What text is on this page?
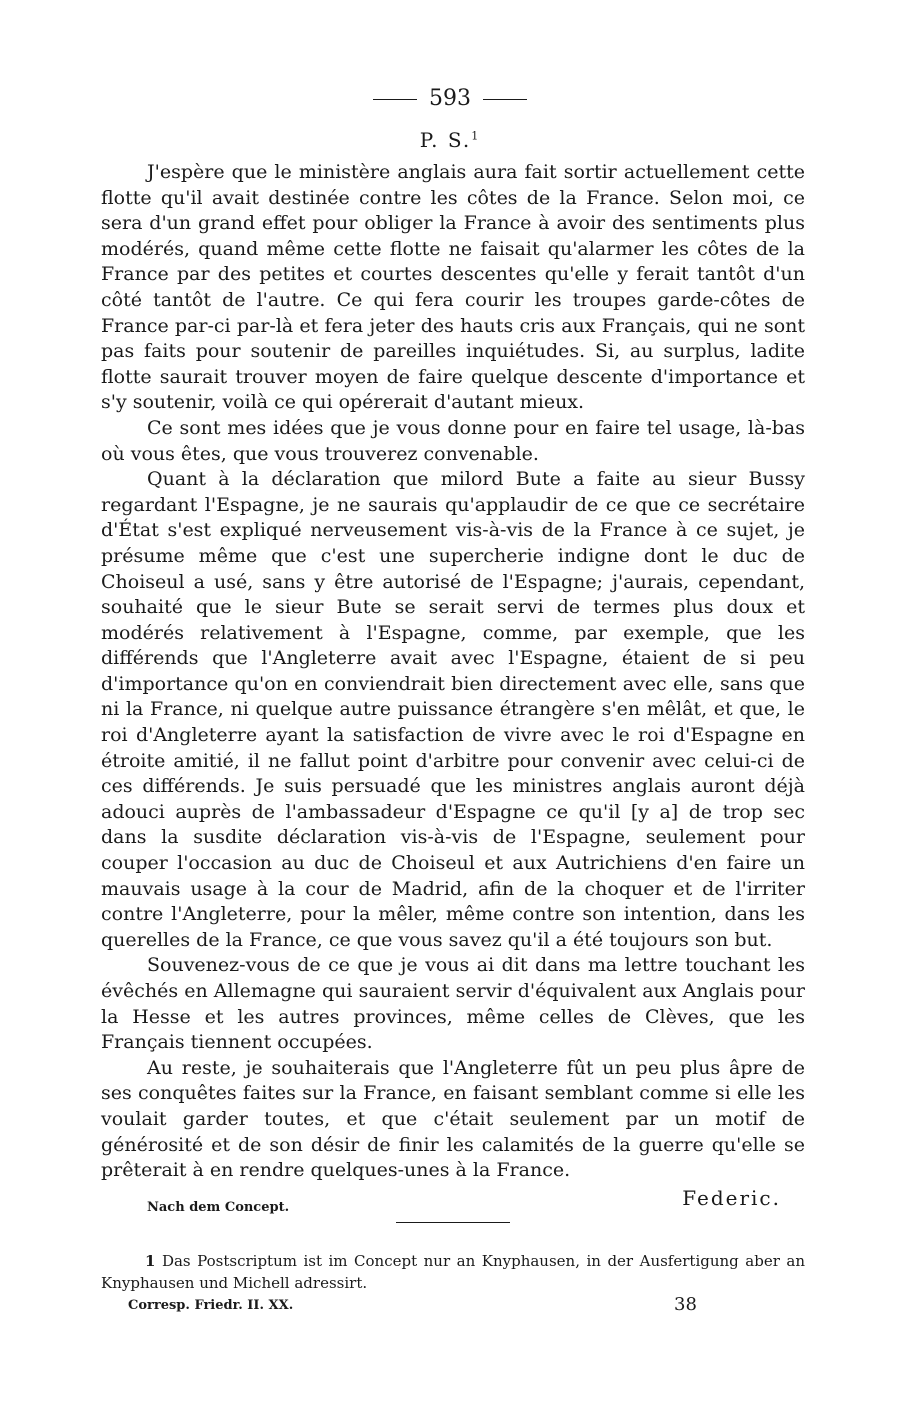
593
P. S.$^1$

J'espère que le ministère anglais aura fait sortir actuellement cette flotte qu'il avait destinée contre les côtes de la France. Selon moi, ce sera d'un grand effet pour obliger la France à avoir des sentiments plus modérés, quand même cette flotte ne faisait qu'alarmer les côtes de la France par des petites et courtes descentes qu'elle y ferait tantôt d'un côté tantôt de l'autre. Ce qui fera courir les troupes garde-côtes de France par-ci par-là et fera jeter des hauts cris aux Français, qui ne sont pas faits pour soutenir de pareilles inquiétudes. Si, au surplus, ladite flotte saurait trouver moyen de faire quelque descente d'importance et s'y soutenir, voilà ce qui opérerait d'autant mieux.

Ce sont mes idées que je vous donne pour en faire tel usage, là-bas où vous êtes, que vous trouverez convenable.

Quant à la déclaration que milord Bute a faite au sieur Bussy regardant l'Espagne, je ne saurais qu'applaudir de ce que ce secrétaire d'État s'est expliqué nerveusement vis-à-vis de la France à ce sujet, je présume même que c'est une supercherie indigne dont le duc de Choiseul a usé, sans y être autorisé de l'Espagne; j'aurais, cependant, souhaité que le sieur Bute se serait servi de termes plus doux et modérés relativement à l'Espagne, comme, par exemple, que les différends que l'Angleterre avait avec l'Espagne, étaient de si peu d'importance qu'on en conviendrait bien directement avec elle, sans que ni la France, ni quelque autre puissance étrangère s'en mêlât, et que, le roi d'Angleterre ayant la satisfaction de vivre avec le roi d'Espagne en étroite amitié, il ne fallut point d'arbitre pour convenir avec celui-ci de ces différends. Je suis persuadé que les ministres anglais auront déjà adouci auprès de l'ambassadeur d'Espagne ce qu'il [y a] de trop sec dans la susdite déclaration vis-à-vis de l'Espagne, seulement pour couper l'occasion au duc de Choiseul et aux Autrichiens d'en faire un mauvais usage à la cour de Madrid, afin de la choquer et de l'irriter contre l'Angleterre, pour la mêler, même contre son intention, dans les querelles de la France, ce que vous savez qu'il a été toujours son but.

Souvenez-vous de ce que je vous ai dit dans ma lettre touchant les évêchés en Allemagne qui sauraient servir d'équivalent aux Anglais pour la Hesse et les autres provinces, même celles de Clèves, que les Français tiennent occupées.

Au reste, je souhaiterais que l'Angleterre fût un peu plus âpre de ses conquêtes faites sur la France, en faisant semblant comme si elle les voulait garder toutes, et que c'était seulement par un motif de générosité et de son désir de finir les calamités de la guerre qu'elle se prêterait à en rendre quelques-unes à la France.

Nach dem Concept.	Federic.

1 Das Postscriptum ist im Concept nur an Knyphausen, in der Ausfertigung aber an Knyphausen und Michell adressirt.

Corresp. Friedr. II. XX.	38
